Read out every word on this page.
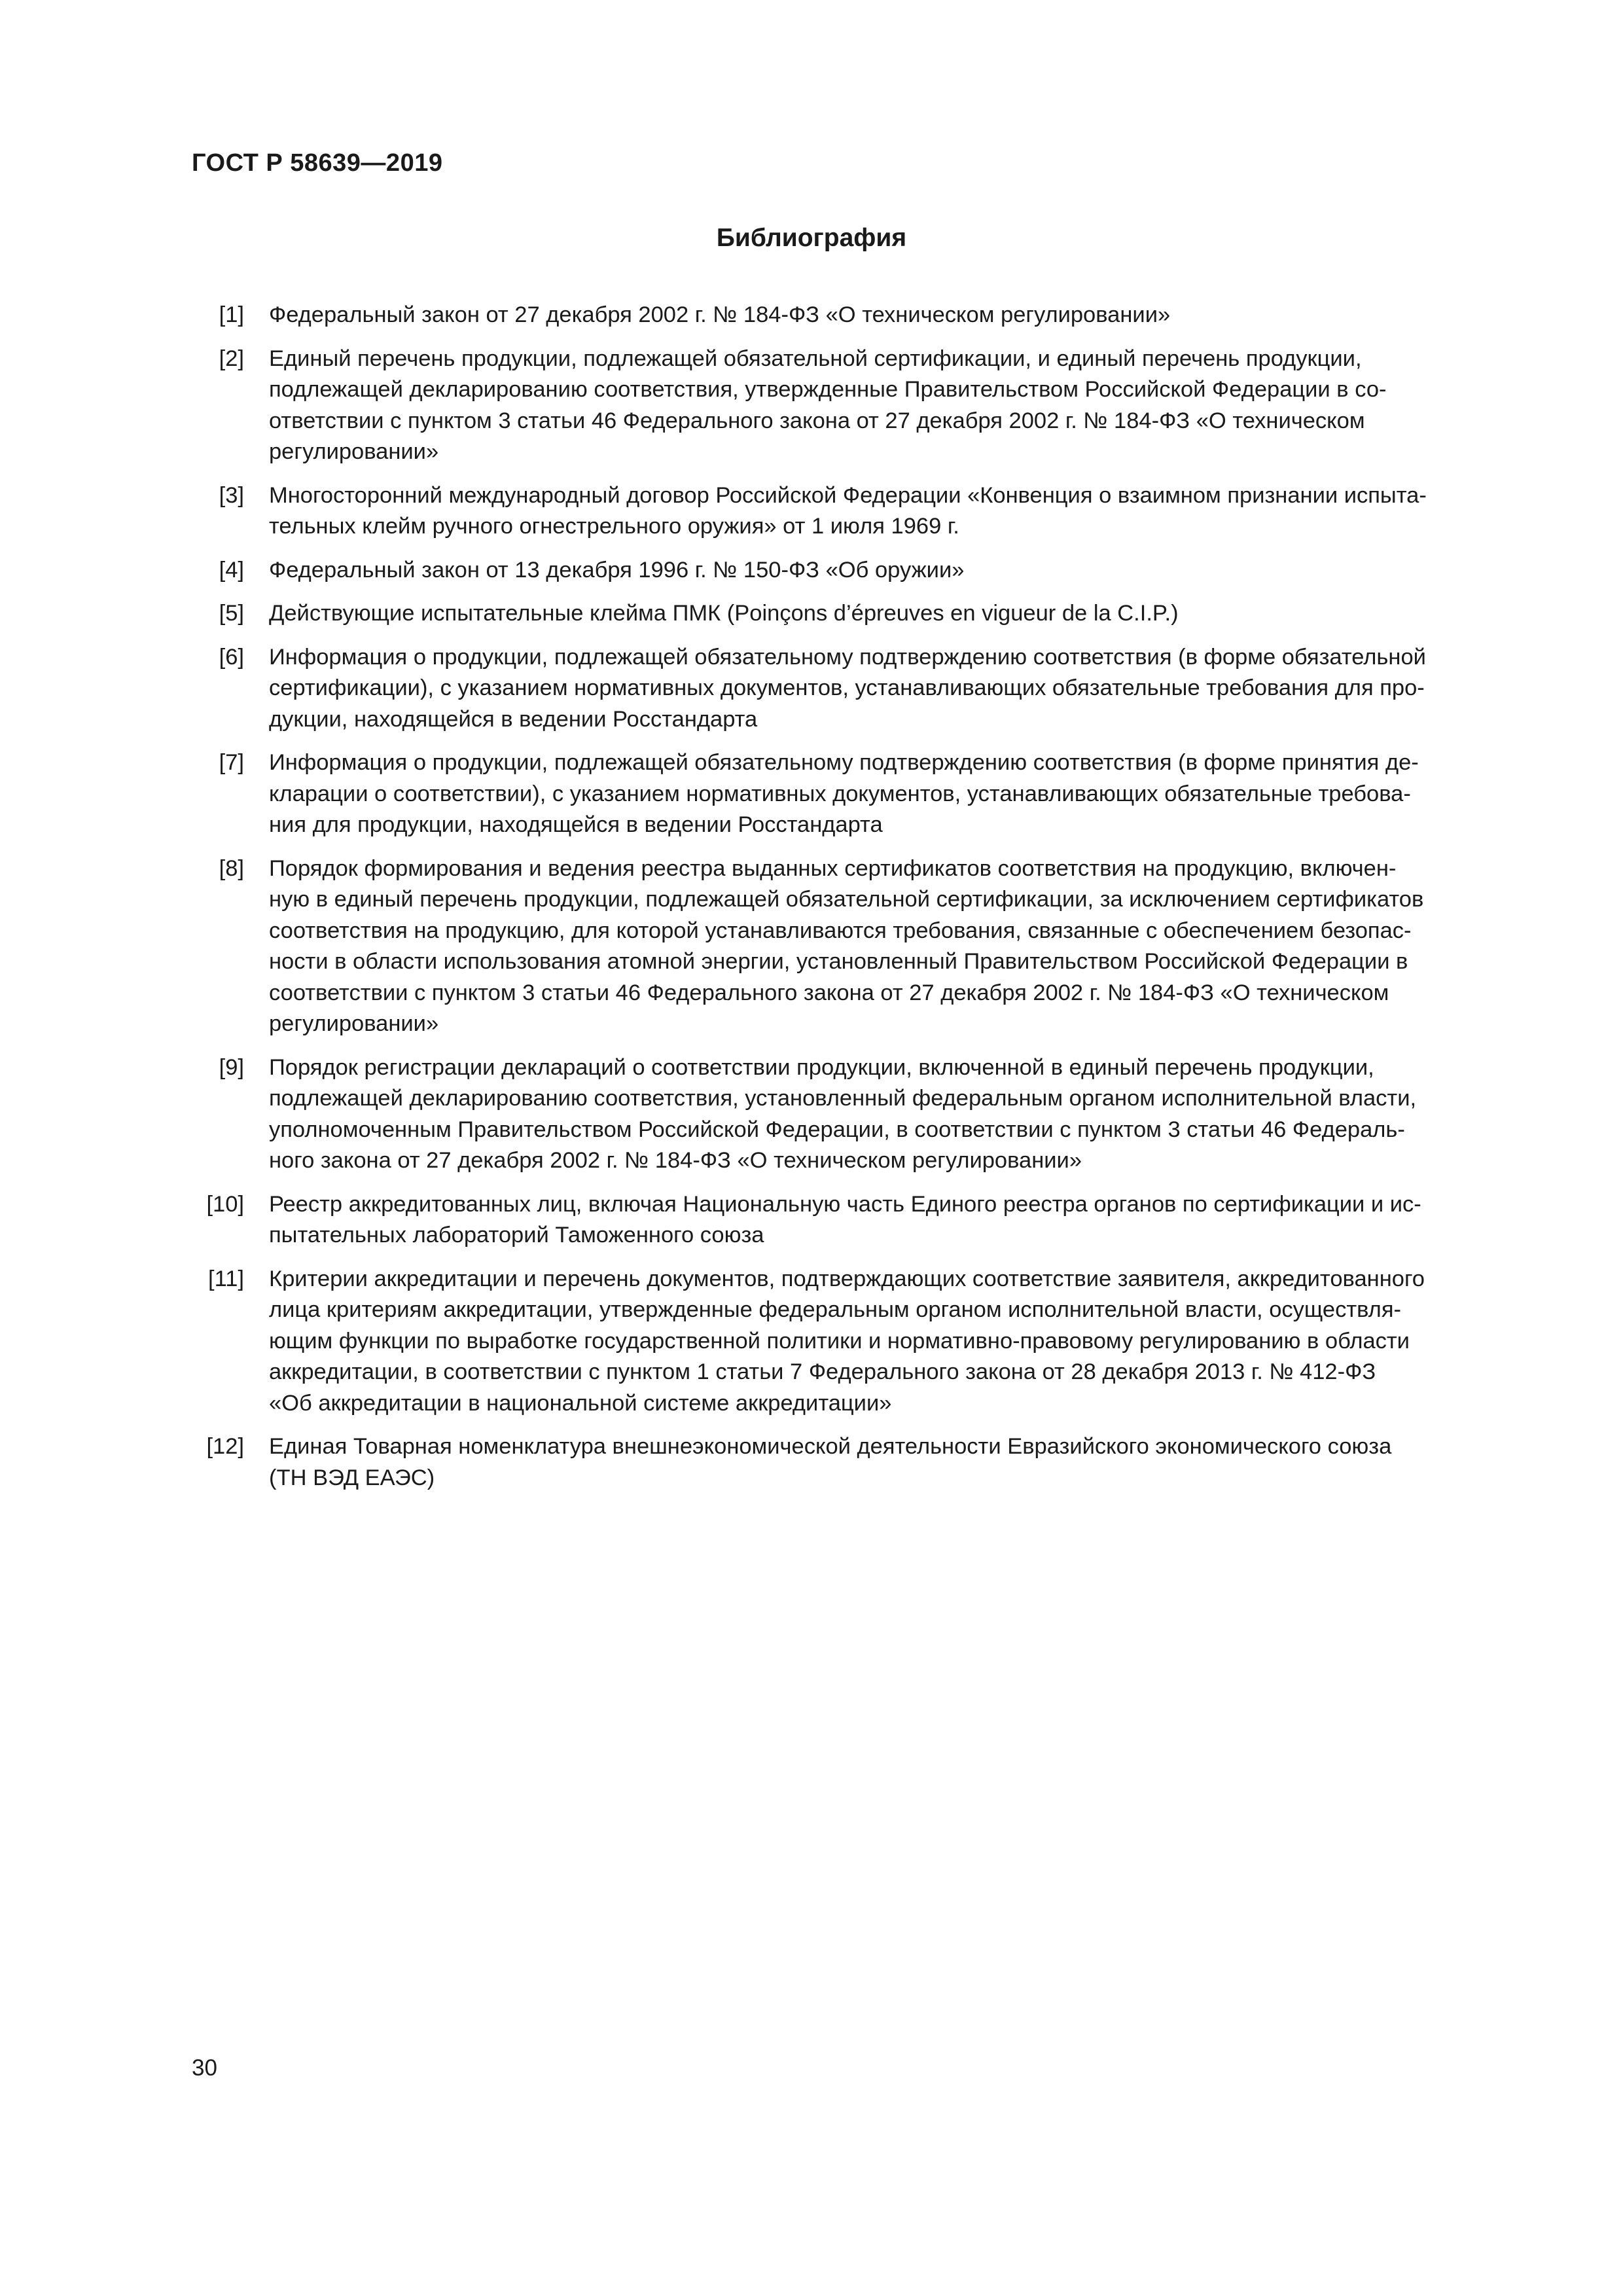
ГОСТ Р 58639—2019
Библиография
[1] Федеральный закон от 27 декабря 2002 г. № 184-ФЗ «О техническом регулировании»
[2] Единый перечень продукции, подлежащей обязательной сертификации, и единый перечень продукции,
подлежащей декларированию соответствия, утвержденные Правительством Российской Федерации в со-
ответствии с пунктом 3 статьи 46 Федерального закона от 27 декабря 2002 г. № 184-ФЗ «О техническом
регулировании»
[3] Многосторонний международный договор Российской Федерации «Конвенция о взаимном признании испыта-
тельных клейм ручного огнестрельного оружия» от 1 июля 1969 г.
[4] Федеральный закон от 13 декабря 1996 г. № 150-ФЗ «Об оружии»
[5] Действующие испытательные клейма ПМК (Poinçons d’épreuves en vigueur de la C.I.P.)
[6] Информация о продукции, подлежащей обязательному подтверждению соответствия (в форме обязательной
сертификации), с указанием нормативных документов, устанавливающих обязательные требования для про-
дукции, находящейся в ведении Росстандарта
[7] Информация о продукции, подлежащей обязательному подтверждению соответствия (в форме принятия де-
кларации о соответствии), с указанием нормативных документов, устанавливающих обязательные требова-
ния для продукции, находящейся в ведении Росстандарта
[8] Порядок формирования и ведения реестра выданных сертификатов соответствия на продукцию, включен-
ную в единый перечень продукции, подлежащей обязательной сертификации, за исключением сертификатов
соответствия на продукцию, для которой устанавливаются требования, связанные с обеспечением безопас-
ности в области использования атомной энергии, установленный Правительством Российской Федерации в
соответствии с пунктом 3 статьи 46 Федерального закона от 27 декабря 2002 г. № 184-ФЗ «О техническом
регулировании»
[9] Порядок регистрации деклараций о соответствии продукции, включенной в единый перечень продукции,
подлежащей декларированию соответствия, установленный федеральным органом исполнительной власти,
уполномоченным Правительством Российской Федерации, в соответствии с пунктом 3 статьи 46 Федераль-
ного закона от 27 декабря 2002 г. № 184-ФЗ «О техническом регулировании»
[10] Реестр аккредитованных лиц, включая Национальную часть Единого реестра органов по сертификации и ис-
пытательных лабораторий Таможенного союза
[11] Критерии аккредитации и перечень документов, подтверждающих соответствие заявителя, аккредитованного
лица критериям аккредитации, утвержденные федеральным органом исполнительной власти, осуществля-
ющим функции по выработке государственной политики и нормативно-правовому регулированию в области
аккредитации, в соответствии с пунктом 1 статьи 7 Федерального закона от 28 декабря 2013 г. № 412-ФЗ
«Об аккредитации в национальной системе аккредитации»
[12] Единая Товарная номенклатура внешнеэкономической деятельности Евразийского экономического союза
(ТН ВЭД ЕАЭС)
30
